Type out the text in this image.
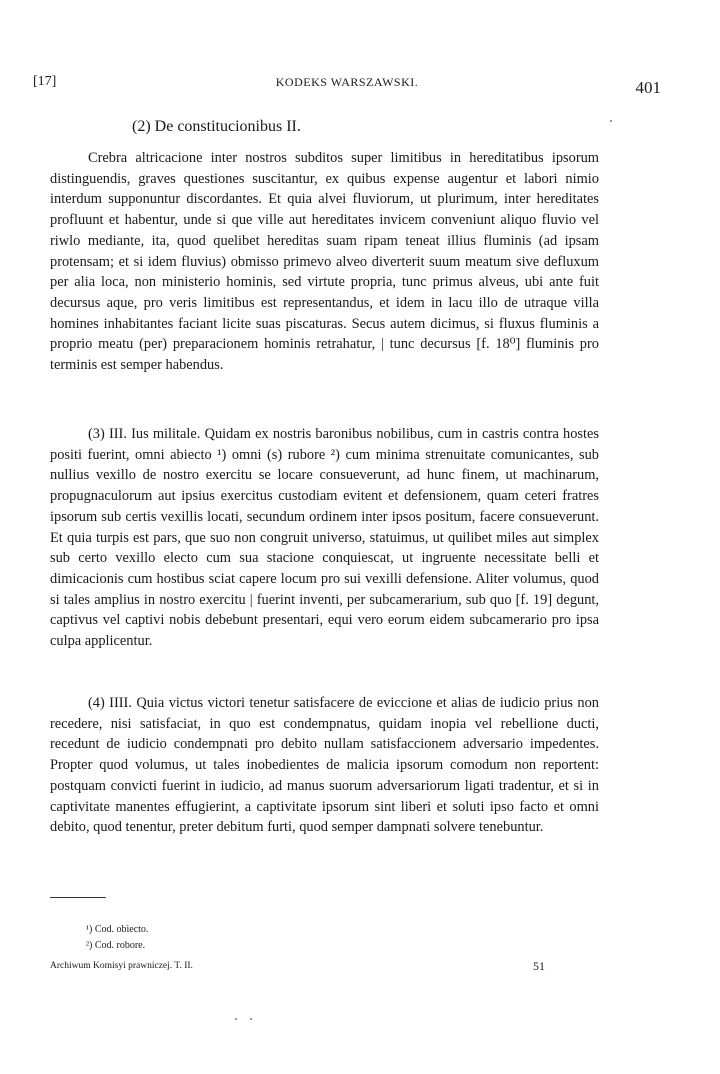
[17]	KODEKS WARSZAWSKI.	401
(2) De constitucionibus II.

Crebra altricacione inter nostros subditos super limitibus in hereditatibus ipsorum distinguendis, graves questiones suscitantur, ex quibus expense augentur et labori nimio interdum supponuntur discordantes. Et quia alvei fluviorum, ut plurimum, inter hereditates profluunt et habentur, unde si que ville aut hereditates invicem conveniunt aliquo fluvio vel riwlo mediante, ita, quod quelibet hereditas suam ripam teneat illius fluminis (ad ipsam protensam; et si idem fluvius) obmisso primevo alveo diverterit suum meatum sive defluxum per alia loca, non ministerio hominis, sed virtute propria, tunc primus alveus, ubi ante fuit decursus aque, pro veris limitibus est representandus, et idem in lacu illo de utraque villa homines inhabitantes faciant licite suas piscaturas. Secus autem dicimus, si fluxus fluminis a proprio meatu (per) preparacionem hominis retrahatur, | tunc decursus [f. 18⁰] fluminis pro terminis est semper habendus.

(3) III. Ius militale. Quidam ex nostris baronibus nobilibus, cum in castris contra hostes positi fuerint, omni abiecto ¹) omni (s) rubore ²) cum minima strenuitate comunicantes, sub nullius vexillo de nostro exercitu se locare consueverunt, ad hunc finem, ut machinarum, propugnaculorum aut ipsius exercitus custodiam evitent et defensionem, quam ceteri fratres ipsorum sub certis vexillis locati, secundum ordinem inter ipsos positum, facere consueverunt. Et quia turpis est pars, que suo non congruit universo, statuimus, ut quilibet miles aut simplex sub certo vexillo electo cum sua stacione conquiescat, ut ingruente necessitate belli et dimicacionis cum hostibus sciat capere locum pro sui vexilli defensione. Aliter volumus, quod si tales amplius in nostro exercitu | fuerint inventi, per subcamerarium, sub quo [f. 19] degunt, captivus vel captivi nobis debebunt presentari, equi vero eorum eidem subcamerario pro ipsa culpa applicentur.

(4) IIII. Quia victus victori tenetur satisfacere de eviccione et alias de iudicio prius non recedere, nisi satisfaciat, in quo est condempnatus, quidam inopia vel rebellione ducti, recedunt de iudicio condempnati pro debito nullam satisfaccionem adversario impedentes. Propter quod volumus, ut tales inobedientes de malicia ipsorum comodum non reportent: postquam convicti fuerint in iudicio, ad manus suorum adversariorum ligati tradentur, et si in captivitate manentes effugierint, a captivitate ipsorum sint liberi et soluti ipso facto et omni debito, quod tenentur, preter debitum furti, quod semper dampnati solvere tenebuntur.

¹) Cod. obiecto.
²) Cod. robore.
Archiwum Komisyi prawniczej. T. II.	51
